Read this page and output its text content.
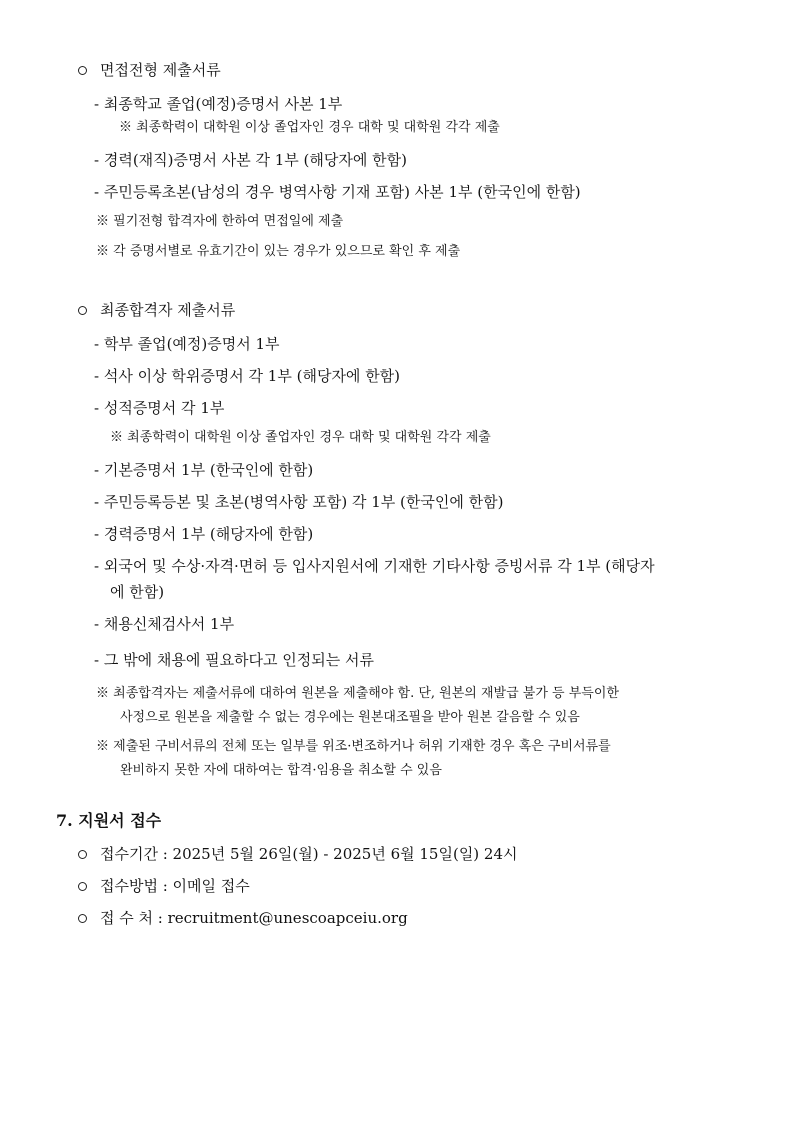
면접전형 제출서류
- 최종학교 졸업(예정)증명서 사본 1부
※ 최종학력이 대학원 이상 졸업자인 경우 대학 및 대학원 각각 제출
- 경력(재직)증명서 사본 각 1부 (해당자에 한함)
- 주민등록초본(남성의 경우 병역사항 기재 포함) 사본 1부 (한국인에 한함)
※ 필기전형 합격자에 한하여 면접일에 제출
※ 각 증명서별로 유효기간이 있는 경우가 있으므로 확인 후 제출
최종합격자 제출서류
- 학부 졸업(예정)증명서 1부
- 석사 이상 학위증명서 각 1부 (해당자에 한함)
- 성적증명서 각 1부
※ 최종학력이 대학원 이상 졸업자인 경우 대학 및 대학원 각각 제출
- 기본증명서 1부 (한국인에 한함)
- 주민등록등본 및 초본(병역사항 포함) 각 1부 (한국인에 한함)
- 경력증명서 1부 (해당자에 한함)
- 외국어 및 수상·자격·면허 등 입사지원서에 기재한 기타사항 증빙서류 각 1부 (해당자
에 한함)
- 채용신체검사서 1부
- 그 밖에 채용에 필요하다고 인정되는 서류
※ 최종합격자는 제출서류에 대하여 원본을 제출해야 함. 단, 원본의 재발급 불가 등 부득이한
사정으로 원본을 제출할 수 없는 경우에는 원본대조필을 받아 원본 갈음할 수 있음
※ 제출된 구비서류의 전체 또는 일부를 위조·변조하거나 허위 기재한 경우 혹은 구비서류를
완비하지 못한 자에 대하여는 합격·임용을 취소할 수 있음
7. 지원서 접수
접수기간 : 2025년 5월 26일(월) - 2025년 6월 15일(일) 24시
접수방법 : 이메일 접수
접 수 처 : recruitment@unescoapceiu.org
